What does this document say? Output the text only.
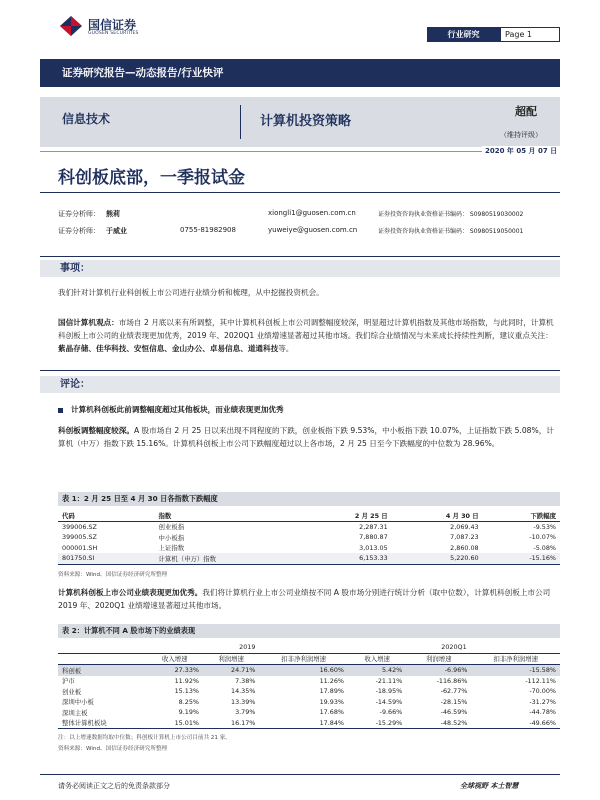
国信证券
GUOSEN SECURITIES	行业研究	Page 1
证券研究报告—动态报告/行业快评
信息技术	计算机投资策略
超配
（维持评级）
2020 年 05 月 07 日
科创板底部，一季报试金
证券分析师： 熊莉	xiongli1@guosen.com.cn	证券投资咨询执业资格证书编码： S0980519030002
证券分析师： 于威业	0755-81982908	yuweiye@guosen.com.cn	证券投资咨询执业资格证书编码： S0980519050001
事项：
我们针对计算机行业科创板上市公司进行业绩分析和梳理，从中挖掘投资机会。
国信计算机观点：市场自 2 月底以来有所调整，其中计算机科创板上市公司调整幅度较深，明显超过计算机指数及其他市场指数，与此同时，计算机科创板上市公司的业绩表现更加优秀，2019 年、2020Q1 业绩增速显著超过其他市场。我们综合业绩情况与未来成长持续性判断，建议重点关注：紫晶存储、佳华科技、安恒信息、金山办公、卓易信息、道通科技等。
评论：
计算机科创板此前调整幅度超过其他板块，而业绩表现更加优秀
科创板调整幅度较深。A 股市场自 2 月 25 日以来出现不同程度的下跌，创业板指下跌 9.53%，中小板指下跌 10.07%，上证指数下跌 5.08%，计算机（中万）指数下跌 15.16%。计算机科创板上市公司下跌幅度超过以上各市场，2 月 25 日至今下跌幅度的中位数为 28.96%。
表 1：2 月 25 日至 4 月 30 日各指数下跌幅度
代码	指数	2 月 25 日	4 月 30 日	下跌幅度
399006.SZ	创业板指	2,287.31	2,069.43	-9.53%
399005.SZ	中小板指	7,880.87	7,087.23	-10.07%
000001.SH	上证指数	3,013.05	2,860.08	-5.08%
801750.SI	计算机（申万）指数	6,153.33	5,220.60	-15.16%
资料来源：Wind、国信证券经济研究所整理
计算机科创板上市公司业绩表现更加优秀。我们将计算机行业上市公司业绩按不同 A 股市场分别进行统计分析（取中位数），计算机科创板上市公司 2019 年、2020Q1 业绩增速显著超过其他市场。
表 2：计算机不同 A 股市场下的业绩表现
	2019			2020Q1		
	收入增速	利润增速	扣非净利润增速	收入增速	利润增速	扣非净利润增速
科创板	27.33%	24.71%	16.60%	5.42%	-6.96%	-15.58%
沪市	11.92%	7.38%	11.26%	-21.11%	-116.86%	-112.11%
创业板	15.13%	14.35%	17.89%	-18.95%	-62.77%	-70.00%
深圳中小板	8.25%	13.39%	19.93%	-14.59%	-28.15%	-31.27%
深圳主板	9.19%	3.79%	17.68%	-9.66%	-46.59%	-44.78%
整体计算机板块	15.01%	16.17%	17.84%	-15.29%	-48.52%	-49.66%
注：以上增速数据均取中位数；科创板计算机上市公司目前共 21 家。
资料来源：Wind、国信证券经济研究所整理
请务必阅读正文之后的免责条款部分	全球视野 本土智慧
